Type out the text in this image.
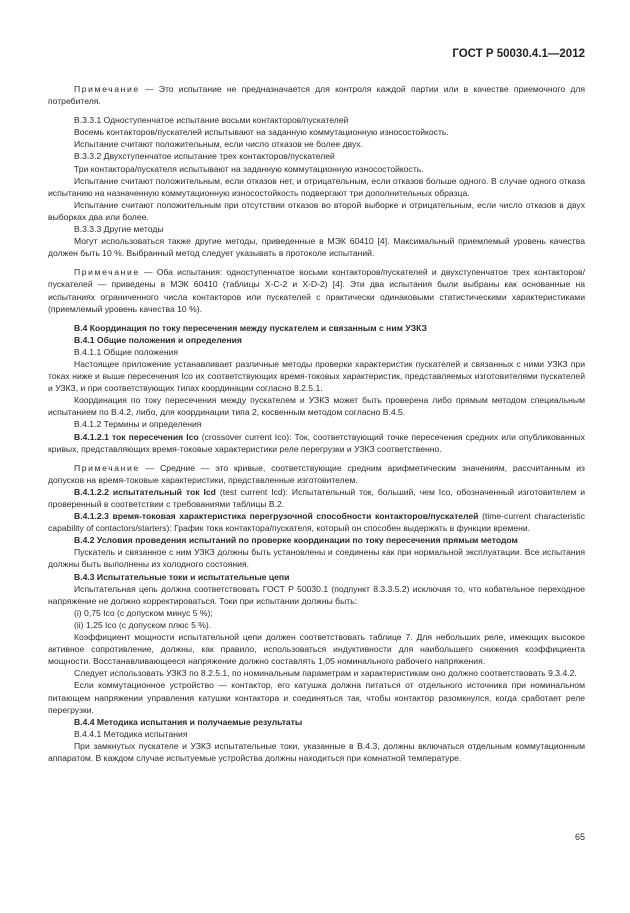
ГОСТ Р 50030.4.1—2012

Примечание — Это испытание не предназначается для контроля каждой партии или в качестве приемочного для потребителя.

В.3.3.1 Одноступенчатое испытание восьми контакторов/пускателей

Восемь контакторов/пускателей испытывают на заданную коммутационную износостойкость.

Испытание считают положительным, если число отказов не более двух.

В.3.3.2 Двухступенчатое испытание трех контакторов/пускателей

Три контактора/пускателя испытывают на заданную коммутационную износостойкость.

Испытание считают положительным, если отказов нет, и отрицательным, если отказов больше одного. В случае одного отказа испытанию на назначенную коммутационную износостойкость подвергают три дополнительных образца.

Испытание считают положительным при отсутствии отказов во второй выборке и отрицательным, если число отказов в двух выборках два или более.

В.3.3.3 Другие методы

Могут использоваться также другие методы, приведенные в МЭК 60410 [4]. Максимальный приемлемый уровень качества должен быть 10 %. Выбранный метод следует указывать в протоколе испытаний.

Примечание — Оба испытания: одноступенчатое восьми контакторов/пускателей и двухступенчатое трех контакторов/пускателей — приведены в МЭК 60410 (таблицы X-C-2 и X-D-2) [4]. Эти два испытания были выбраны как основанные на испытаниях ограниченного числа контакторов или пускателей с практически одинаковыми статистическими характеристиками (приемлемый уровень качества 10 %).

В.4 Координация по току пересечения между пускателем и связанным с ним УЗКЗ

В.4.1 Общие положения и определения

В.4.1.1 Общие положения

Настоящее приложение устанавливает различные методы проверки характеристик пускателей и связанных с ними УЗКЗ при токах ниже и выше пересечения Ico их соответствующих время-токовых характеристик, представляемых изготовителями пускателей и УЗКЗ, и при соответствующих типах координации согласно 8.2.5.1.

Координация по току пересечения между пускателем и УЗКЗ может быть проверена либо прямым методом специальным испытанием по В.4.2, либо, для координации типа 2, косвенным методом согласно В.4.5.

В.4.1.2 Термины и определения

В.4.1.2.1 ток пересечения Ico (crossover current Ico): Ток, соответствующий точке пересечения средних или опубликованных кривых, представляющих время-токовые характеристики реле перегрузки и УЗКЗ соответственно.

Примечание — Средние — это кривые, соответствующие средним арифметическим значениям, рассчитанным из допусков на время-токовые характеристики, представленные изготовителем.

В.4.1.2.2 испытательный ток Icd (test current Icd): Испытательный ток, больший, чем Ico, обозначенный изготовителем и проверенный в соответствии с требованиями таблицы В.2.

В.4.1.2.3 время-токовая характеристика перегрузочной способности контакторов/пускателей (time-current characteristic capability of contactors/starters): График тока контактора/пускателя, который он способен выдержать в функции времени.

В.4.2 Условия проведения испытаний по проверке координации по току пересечения прямым методом

Пускатель и связанное с ним УЗКЗ должны быть установлены и соединены как при нормальной эксплуатации. Все испытания должны быть выполнены из холодного состояния.

В.4.3 Испытательные токи и испытательные цепи

Испытательная цепь должна соответствовать ГОСТ Р 50030.1 (подпункт 8.3.3.5.2) исключая то, что кобательное переходное напряжение не должно корректироваться. Токи при испытании должны быть:

(i) 0,75 Ico (с допуском минус 5 %);

(ii) 1,25 Ico (с допуском плюс 5 %).

Коэффициент мощности испытательной цепи должен соответствовать таблице 7. Для небольших реле, имеющих высокое активное сопротивление, должны, как правило, использоваться индуктивности для наибольшего снижения коэффициента мощности. Восстанавливающееся напряжение должно составлять 1,05 номинального рабочего напряжения.

Следует использовать УЗКЗ по 8.2.5.1, по номинальным параметрам и характеристикам оно должно соответствовать 9.3.4.2.

Если коммутационное устройство — контактор, его катушка должна питаться от отдельного источника при номинальном питающем напряжении управления катушки контактора и соединяться так, чтобы контактор разомкнулся, когда сработает реле перегрузки.

В.4.4 Методика испытания и получаемые результаты

В.4.4.1 Методика испытания

При замкнутых пускателе и УЗКЗ испытательные токи, указанные в В.4.3, должны включаться отдельным коммутационным аппаратом. В каждом случае испытуемые устройства должны находиться при комнатной температуре.

65
